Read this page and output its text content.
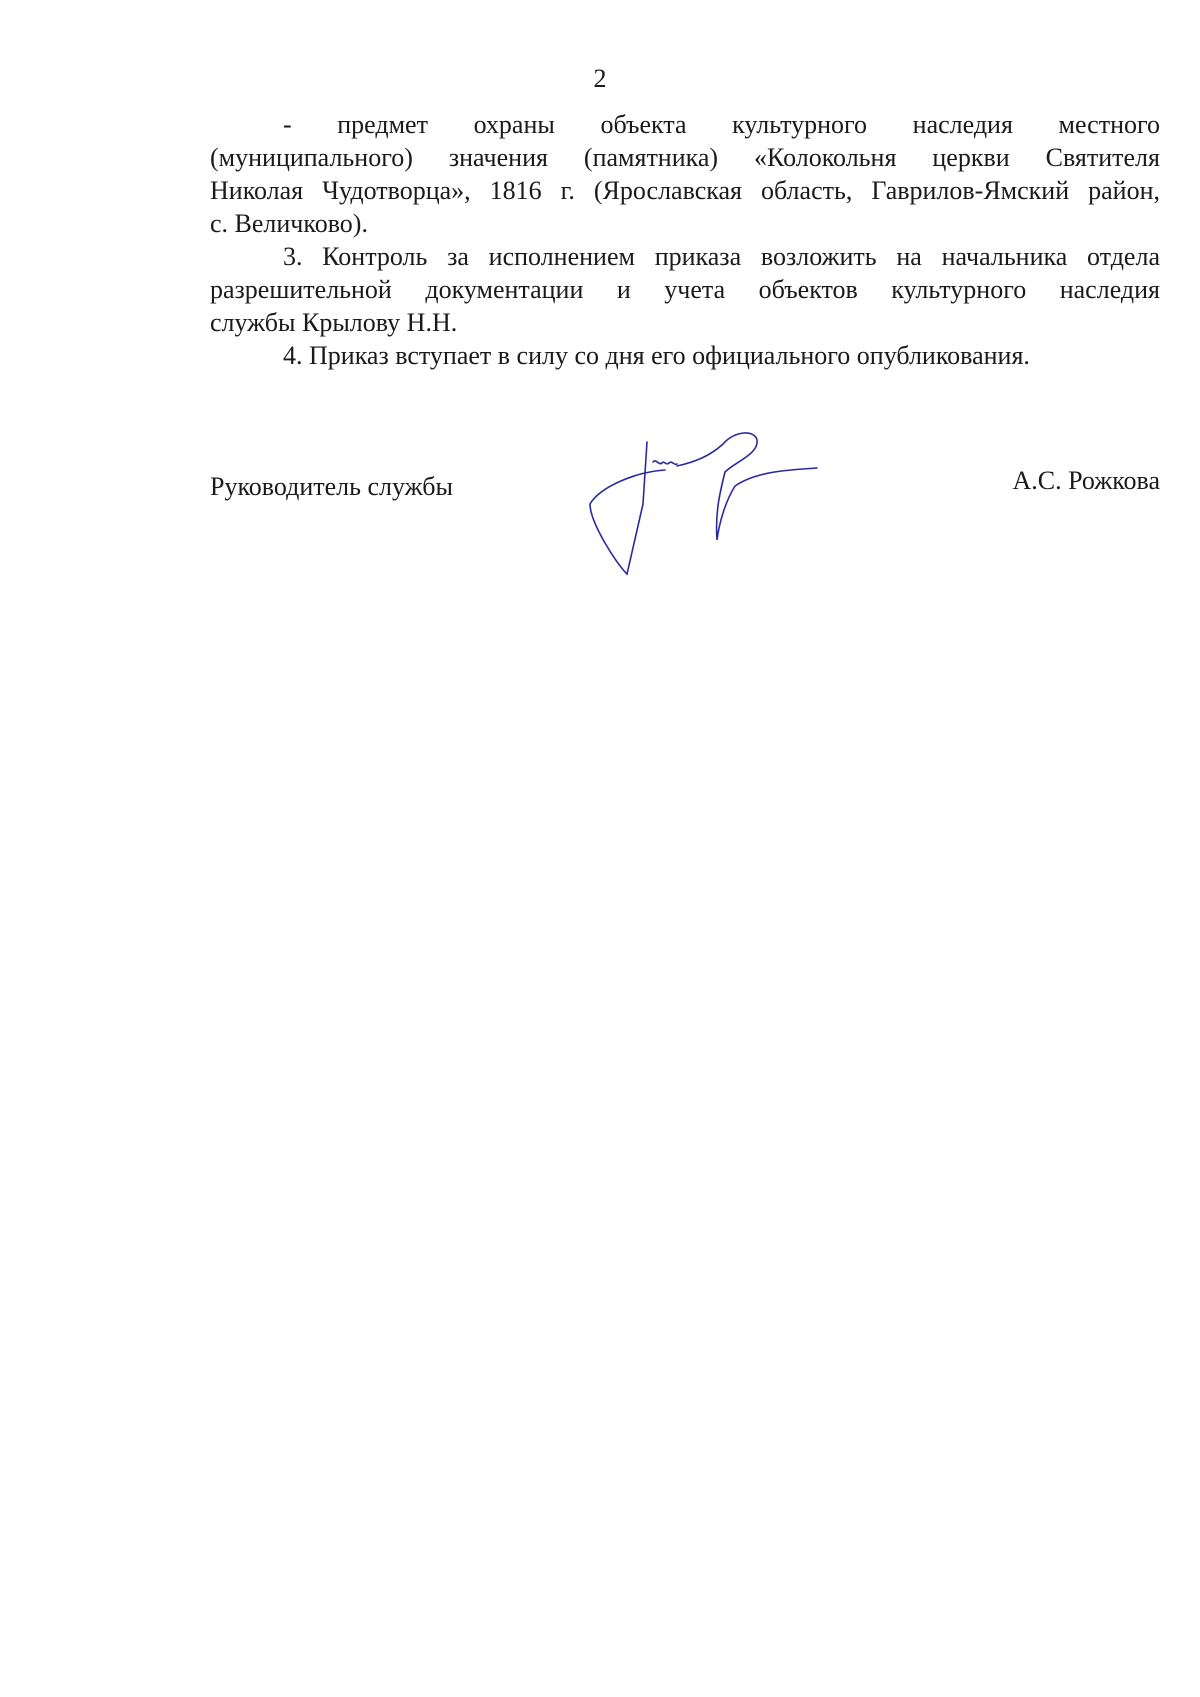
2
- предмет охраны объекта культурного наследия местного
(муниципального) значения (памятника) «Колокольня церкви Святителя
Николая Чудотворца», 1816 г. (Ярославская область, Гаврилов-Ямский район,
с. Величково).
3. Контроль за исполнением приказа возложить на начальника отдела
разрешительной документации и учета объектов культурного наследия
службы Крылову Н.Н.
4. Приказ вступает в силу со дня его официального опубликования.
Руководитель службы	А.С. Рожкова
